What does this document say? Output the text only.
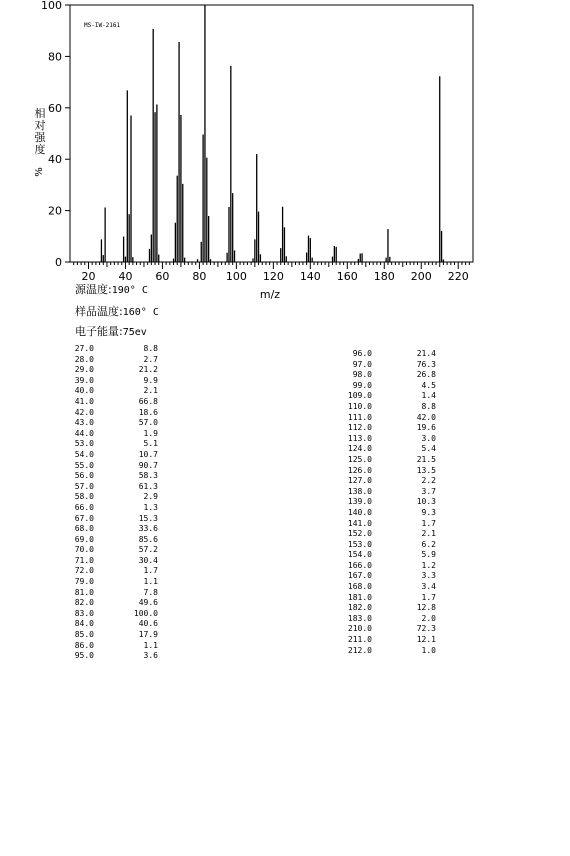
MS-IW-2161
0
20
40
60
80
100
20 40 60 80 100 120 140 160 180 200 220
m/z
相
对
强
度
%
源温度:190° C
样品温度:160° C
电子能量:75ev
27.0	8.8
28.0	2.7
29.0	21.2
39.0	9.9
40.0	2.1
41.0	66.8
42.0	18.6
43.0	57.0
44.0	1.9
53.0	5.1
54.0	10.7
55.0	90.7
56.0	58.3
57.0	61.3
58.0	2.9
66.0	1.3
67.0	15.3
68.0	33.6
69.0	85.6
70.0	57.2
71.0	30.4
72.0	1.7
79.0	1.1
81.0	7.8
82.0	49.6
83.0	100.0
84.0	40.6
85.0	17.9
86.0	1.1
95.0	3.6
96.0	21.4
97.0	76.3
98.0	26.8
99.0	4.5
109.0	1.4
110.0	8.8
111.0	42.0
112.0	19.6
113.0	3.0
124.0	5.4
125.0	21.5
126.0	13.5
127.0	2.2
138.0	3.7
139.0	10.3
140.0	9.3
141.0	1.7
152.0	2.1
153.0	6.2
154.0	5.9
166.0	1.2
167.0	3.3
168.0	3.4
181.0	1.7
182.0	12.8
183.0	2.0
210.0	72.3
211.0	12.1
212.0	1.0
